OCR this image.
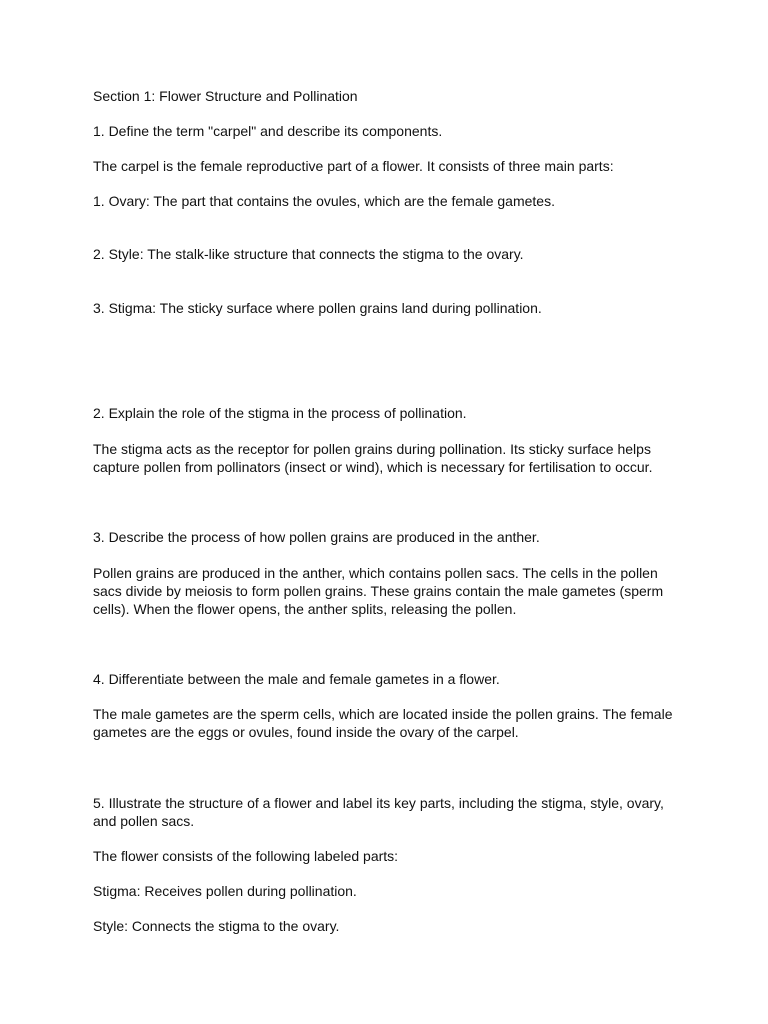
Section 1: Flower Structure and Pollination

1. Define the term "carpel" and describe its components.

The carpel is the female reproductive part of a flower. It consists of three main parts:

1. Ovary: The part that contains the ovules, which are the female gametes.

2. Style: The stalk-like structure that connects the stigma to the ovary.

3. Stigma: The sticky surface where pollen grains land during pollination.

2. Explain the role of the stigma in the process of pollination.

The stigma acts as the receptor for pollen grains during pollination. Its sticky surface helps capture pollen from pollinators (insect or wind), which is necessary for fertilisation to occur.

3. Describe the process of how pollen grains are produced in the anther.

Pollen grains are produced in the anther, which contains pollen sacs. The cells in the pollen sacs divide by meiosis to form pollen grains. These grains contain the male gametes (sperm cells). When the flower opens, the anther splits, releasing the pollen.

4. Differentiate between the male and female gametes in a flower.

The male gametes are the sperm cells, which are located inside the pollen grains. The female gametes are the eggs or ovules, found inside the ovary of the carpel.

5. Illustrate the structure of a flower and label its key parts, including the stigma, style, ovary, and pollen sacs.

The flower consists of the following labeled parts:

Stigma: Receives pollen during pollination.

Style: Connects the stigma to the ovary.
